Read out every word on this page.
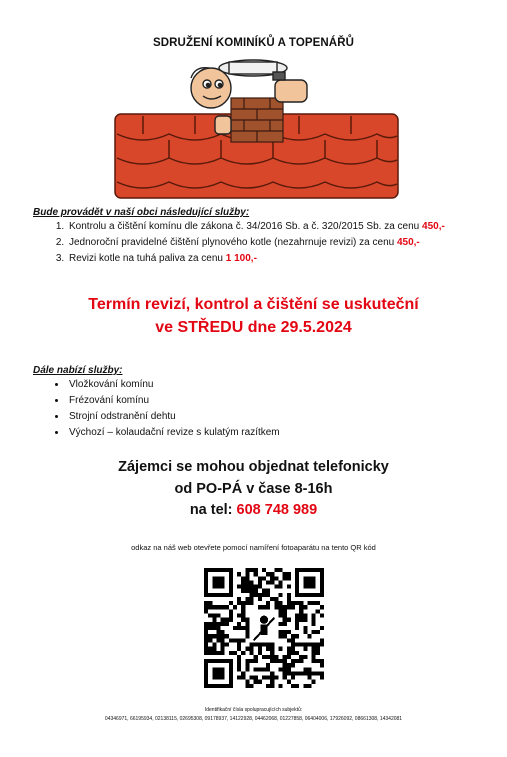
SDRUŽENÍ KOMINÍKŮ A TOPENÁŘŮ
Bude provádět v naší obci následující služby:
1. Kontrolu a čištění komínu dle zákona č. 34/2016 Sb. a č. 320/2015 Sb. za cenu 450,-
2. Jednoroční pravidelné čištění plynového kotle (nezahrnuje revizi) za cenu 450,-
3. Revizi kotle na tuhá paliva za cenu 1 100,-
Termín revizí, kontrol a čištění se uskuteční
ve STŘEDU dne 29.5.2024
Dále nabízí služby:
• Vložkování komínu
• Frézování komínu
• Strojní odstranění dehtu
• Výchozí – kolaudační revize s kulatým razítkem
Zájemci se mohou objednat telefonicky
od PO-PÁ v čase 8-16h
na tel: 608 748 989
odkaz na náš web otevřete pomocí namíření fotoaparátu na tento QR kód
Identifikační čísla spolupracujících subjektů:
04346971, 66195934, 02138115, 02695308, 09178937, 14122928, 04462068, 01227858, 06404006, 17926092, 08661308, 14342081
